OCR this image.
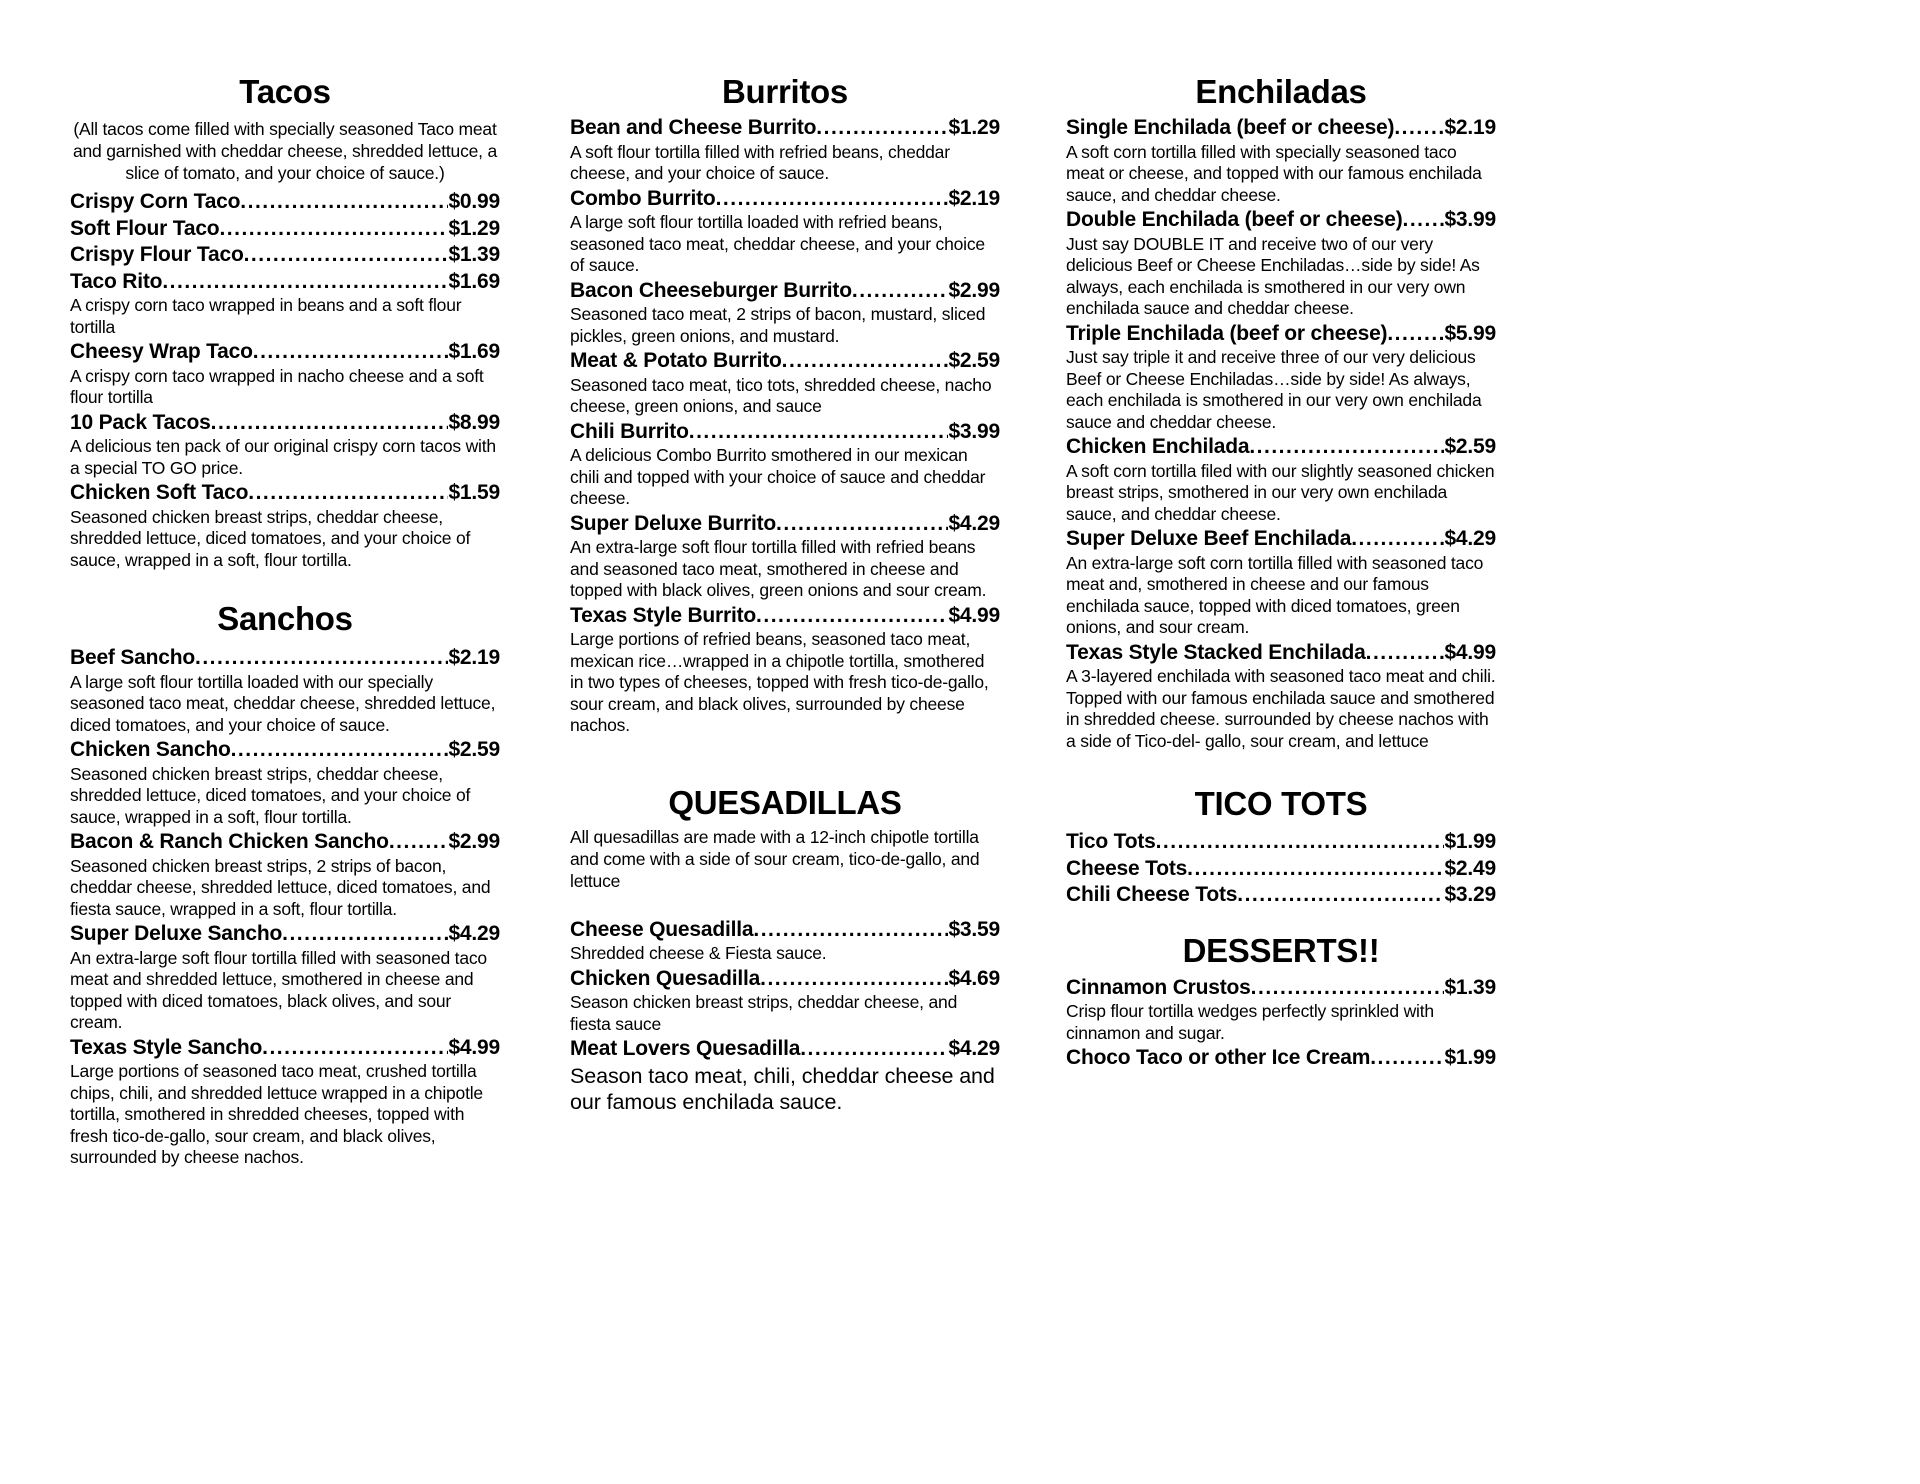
Tacos
(All tacos come filled with specially seasoned Taco meat and garnished with cheddar cheese, shredded lettuce, a slice of tomato, and your choice of sauce.)
Crispy Corn Taco .....	$0.99
Soft Flour Taco .....	$1.29
Crispy Flour Taco .....	$1.39
Taco Rito .....	$1.69
A crispy corn taco wrapped in beans and a soft flour tortilla
Cheesy Wrap Taco .....	$1.69
A crispy corn taco wrapped in nacho cheese and a soft flour tortilla
10 Pack Tacos .....	$8.99
A delicious ten pack of our original crispy corn tacos with a special TO GO price.
Chicken Soft Taco .....	$1.59
Seasoned chicken breast strips, cheddar cheese, shredded lettuce, diced tomatoes, and your choice of sauce, wrapped in a soft, flour tortilla.
Sanchos
Beef Sancho .....	$2.19
A large soft flour tortilla loaded with our specially seasoned taco meat, cheddar cheese, shredded lettuce, diced tomatoes, and your choice of sauce.
Chicken Sancho .....	$2.59
Seasoned chicken breast strips, cheddar cheese, shredded lettuce, diced tomatoes, and your choice of sauce, wrapped in a soft, flour tortilla.
Bacon & Ranch Chicken Sancho .....	$2.99
Seasoned chicken breast strips, 2 strips of bacon, cheddar cheese, shredded lettuce, diced tomatoes, and fiesta sauce, wrapped in a soft, flour tortilla.
Super Deluxe Sancho .....	$4.29
An extra-large soft flour tortilla filled with seasoned taco meat and shredded lettuce, smothered in cheese and topped with diced tomatoes, black olives, and sour cream.
Texas Style Sancho .....	$4.99
Large portions of seasoned taco meat, crushed tortilla chips, chili, and shredded lettuce wrapped in a chipotle tortilla, smothered in shredded cheeses, topped with fresh tico-de-gallo, sour cream, and black olives, surrounded by cheese nachos.
Burritos
Bean and Cheese Burrito .....	$1.29
A soft flour tortilla filled with refried beans, cheddar cheese, and your choice of sauce.
Combo Burrito .....	$2.19
A large soft flour tortilla loaded with refried beans, seasoned taco meat, cheddar cheese, and your choice of sauce.
Bacon Cheeseburger Burrito .....	$2.99
Seasoned taco meat, 2 strips of bacon, mustard, sliced pickles, green onions, and mustard.
Meat & Potato Burrito .....	$2.59
Seasoned taco meat, tico tots, shredded cheese, nacho cheese, green onions, and sauce
Chili Burrito .....	$3.99
A delicious Combo Burrito smothered in our mexican chili and topped with your choice of sauce and cheddar cheese.
Super Deluxe Burrito .....	$4.29
An extra-large soft flour tortilla filled with refried beans and seasoned taco meat, smothered in cheese and topped with black olives, green onions and sour cream.
Texas Style Burrito .....	$4.99
Large portions of refried beans, seasoned taco meat, mexican rice…wrapped in a chipotle tortilla, smothered in two types of cheeses, topped with fresh tico-de-gallo, sour cream, and black olives, surrounded by cheese nachos.
QUESADILLAS
All quesadillas are made with a 12-inch chipotle tortilla and come with a side of sour cream, tico-de-gallo, and lettuce
Cheese Quesadilla .....	$3.59
Shredded cheese & Fiesta sauce.
Chicken Quesadilla .....	$4.69
Season chicken breast strips, cheddar cheese, and fiesta sauce
Meat Lovers Quesadilla .....	$4.29
Season taco meat, chili, cheddar cheese and our famous enchilada sauce.
Enchiladas
Single Enchilada (beef or cheese) ..... $2.19
A soft corn tortilla filled with specially seasoned taco meat or cheese, and topped with our famous enchilada sauce, and cheddar cheese.
Double Enchilada (beef or cheese) ..... $3.99
Just say DOUBLE IT and receive two of our very delicious Beef or Cheese Enchiladas…side by side! As always, each enchilada is smothered in our very own enchilada sauce and cheddar cheese.
Triple Enchilada (beef or cheese) .....	$5.99
Just say triple it and receive three of our very delicious Beef or Cheese Enchiladas…side by side! As always, each enchilada is smothered in our very own enchilada sauce and cheddar cheese.
Chicken Enchilada .....	$2.59
A soft corn tortilla filed with our slightly seasoned chicken breast strips, smothered in our very own enchilada sauce, and cheddar cheese.
Super Deluxe Beef Enchilada .....	$4.29
An extra-large soft corn tortilla filled with seasoned taco meat and, smothered in cheese and our famous enchilada sauce, topped with diced tomatoes, green onions, and sour cream.
Texas Style Stacked Enchilada .....	$4.99
A 3-layered enchilada with seasoned taco meat and chili. Topped with our famous enchilada sauce and smothered in shredded cheese. surrounded by cheese nachos with a side of Tico-del- gallo, sour cream, and lettuce
TICO TOTS
Tico Tots .....	$1.99
Cheese Tots .....	$2.49
Chili Cheese Tots .....	$3.29
DESSERTS!!
Cinnamon Crustos .....	$1.39
Crisp flour tortilla wedges perfectly sprinkled with cinnamon and sugar.
Choco Taco or other Ice Cream .....	$1.99
